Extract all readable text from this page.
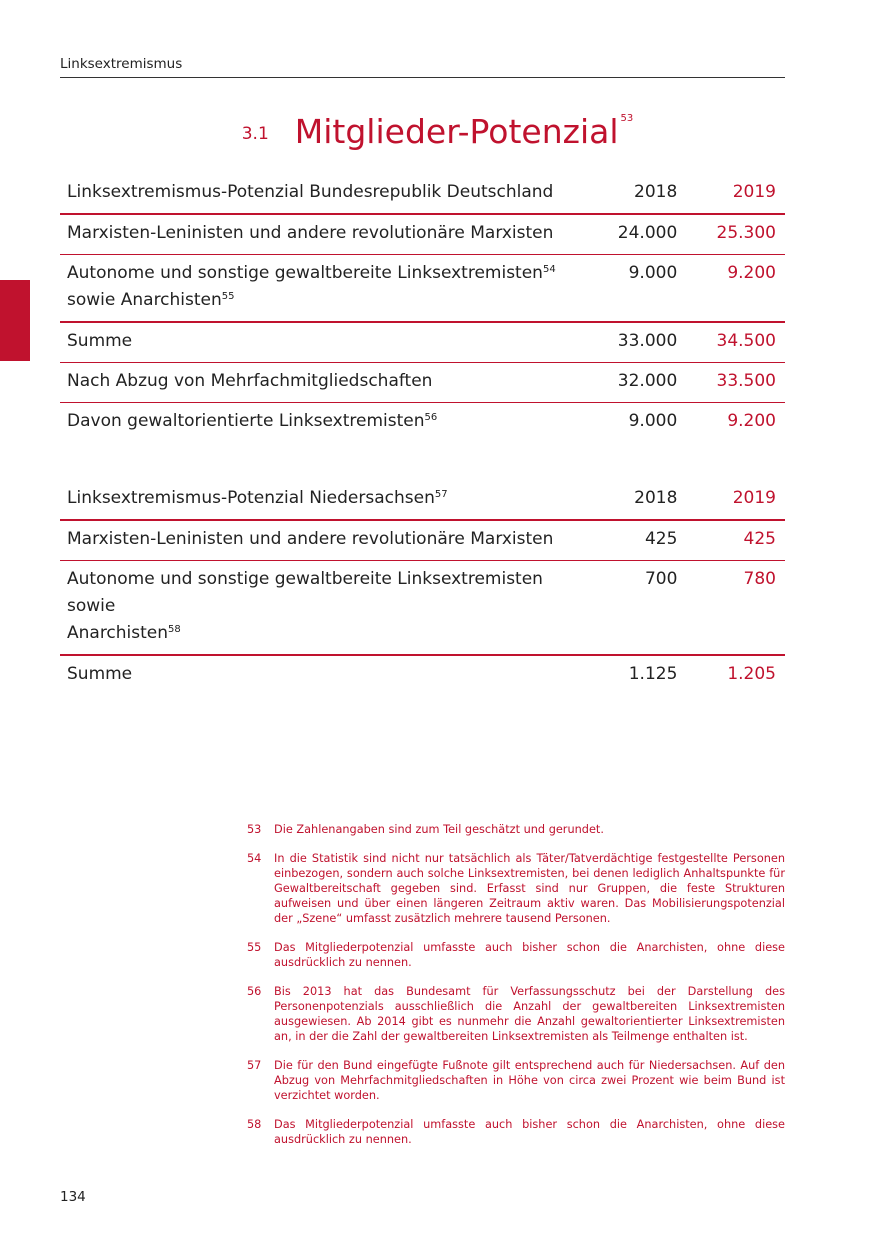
Linksextremismus
3.1 Mitglieder-Potenzial $^{53}$
Linksextremismus-Potenzial Bundesrepublik Deutschland	2018	2019
Marxisten-Leninisten und andere revolutionäre Marxisten	24.000	25.300
Autonome und sonstige gewaltbereite Linksextremisten$^{54}$
sowie Anarchisten$^{55}$	9.000	9.200
Summe	33.000	34.500
Nach Abzug von Mehrfachmitgliedschaften	32.000	33.500
Davon gewaltorientierte Linksextremisten$^{56}$	9.000	9.200
Linksextremismus-Potenzial Niedersachsen$^{57}$	2018	2019
Marxisten-Leninisten und andere revolutionäre Marxisten	425	425
Autonome und sonstige gewaltbereite Linksextremisten sowie
Anarchisten$^{58}$	700	780
Summe	1.125	1.205
53	Die Zahlenangaben sind zum Teil geschätzt und gerundet.
54	In die Statistik sind nicht nur tatsächlich als Täter/Tatverdächtige festgestellte Personen einbezogen, sondern auch solche Linksextremisten, bei denen lediglich Anhaltspunkte für Gewaltbereitschaft gegeben sind. Erfasst sind nur Gruppen, die feste Strukturen aufweisen und über einen längeren Zeitraum aktiv waren. Das Mobilisierungspotenzial der „Szene“ umfasst zusätzlich mehrere tausend Personen.
55	Das Mitgliederpotenzial umfasste auch bisher schon die Anarchisten, ohne diese ausdrücklich zu nennen.
56	Bis 2013 hat das Bundesamt für Verfassungsschutz bei der Darstellung des Personenpotenzials ausschließlich die Anzahl der gewaltbereiten Linksextremisten ausgewiesen. Ab 2014 gibt es nunmehr die Anzahl gewaltorientierter Linksextremisten an, in der die Zahl der gewaltbereiten Linksextremisten als Teilmenge enthalten ist.
57	Die für den Bund eingefügte Fußnote gilt entsprechend auch für Niedersachsen. Auf den Abzug von Mehrfachmitgliedschaften in Höhe von circa zwei Prozent wie beim Bund ist verzichtet worden.
58	Das Mitgliederpotenzial umfasste auch bisher schon die Anarchisten, ohne diese ausdrücklich zu nennen.
134
